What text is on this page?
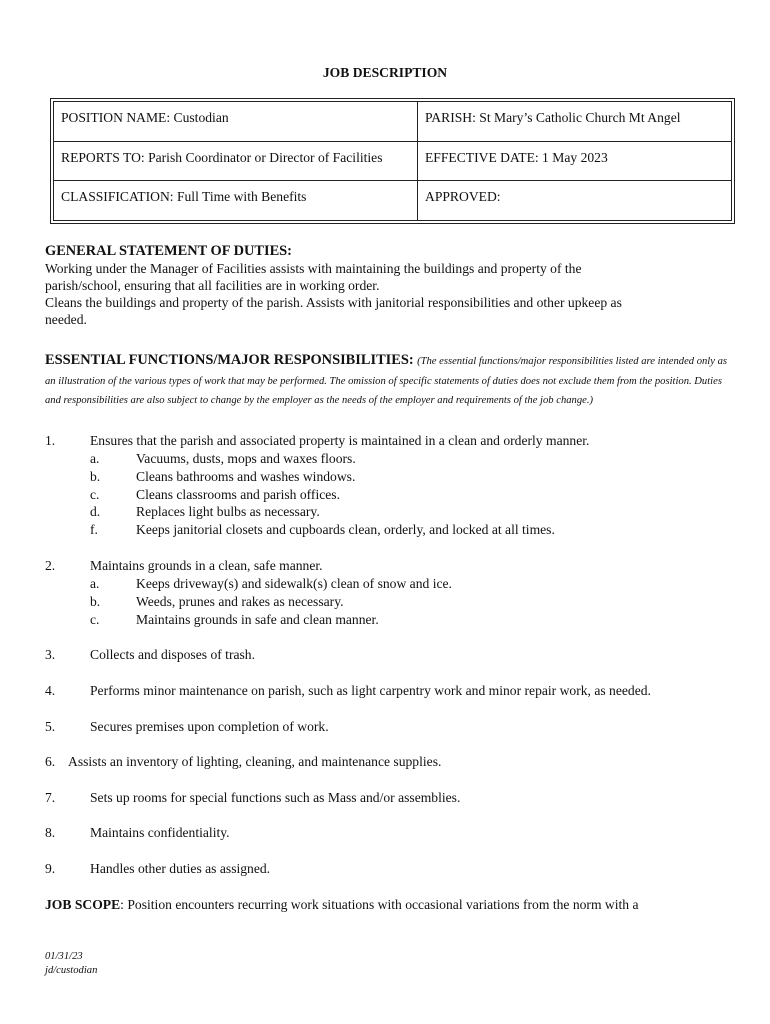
JOB DESCRIPTION
POSITION NAME: Custodian	PARISH: St Mary’s Catholic Church Mt Angel
REPORTS TO: Parish Coordinator or Director of Facilities	EFFECTIVE DATE: 1 May 2023
CLASSIFICATION: Full Time with Benefits	APPROVED:
GENERAL STATEMENT OF DUTIES:
Working under the Manager of Facilities assists with maintaining the buildings and property of the
parish/school, ensuring that all facilities are in working order.
Cleans the buildings and property of the parish. Assists with janitorial responsibilities and other upkeep as
needed.
ESSENTIAL FUNCTIONS/MAJOR RESPONSIBILITIES: (The essential functions/major responsibilities listed are intended only as an illustration of the various types of work that may be performed. The omission of specific statements of duties does not exclude them from the position. Duties and responsibilities are also subject to change by the employer as the needs of the employer and requirements of the job change.)
1.	Ensures that the parish and associated property is maintained in a clean and orderly manner.
a.	Vacuums, dusts, mops and waxes floors.
b.	Cleans bathrooms and washes windows.
c.	Cleans classrooms and parish offices.
d.	Replaces light bulbs as necessary.
f.	Keeps janitorial closets and cupboards clean, orderly, and locked at all times.
2.	Maintains grounds in a clean, safe manner.
a.	Keeps driveway(s) and sidewalk(s) clean of snow and ice.
b.	Weeds, prunes and rakes as necessary.
c.	Maintains grounds in safe and clean manner.
3.	Collects and disposes of trash.
4.	Performs minor maintenance on parish, such as light carpentry work and minor repair work, as needed.
5.	Secures premises upon completion of work.
6. Assists an inventory of lighting, cleaning, and maintenance supplies.
7.	Sets up rooms for special functions such as Mass and/or assemblies.
8.	Maintains confidentiality.
9.	Handles other duties as assigned.
JOB SCOPE: Position encounters recurring work situations with occasional variations from the norm with a
01/31/23
jd/custodian
